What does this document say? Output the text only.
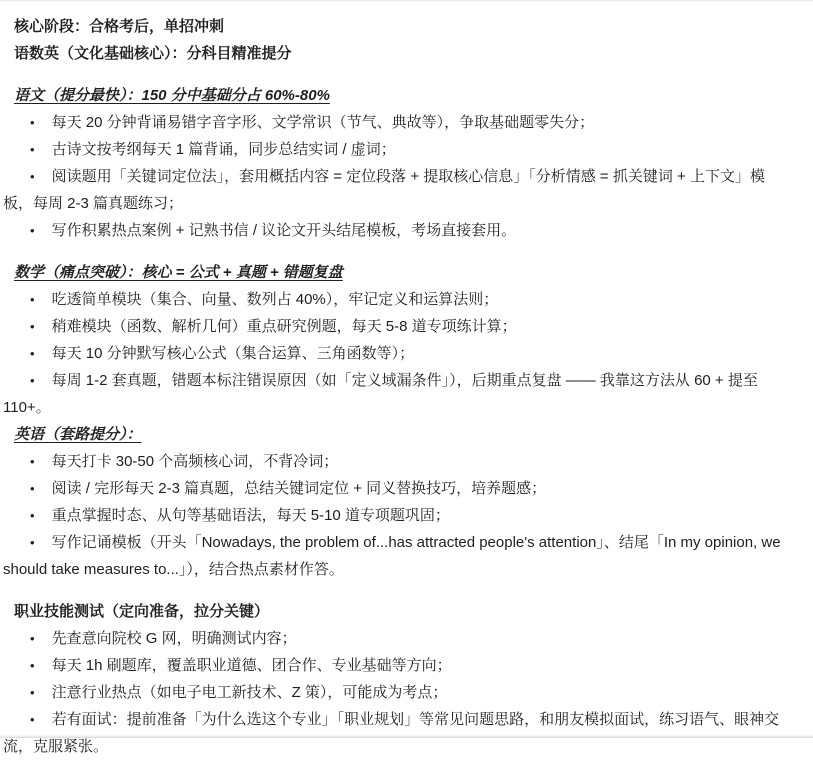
核心阶段：合格考后，单招冲刺

语数英（文化基础核心）：分科目精准提分

语文（提分最快）：150 分中基础分占 60%-80%

• 每天 20 分钟背诵易错字音字形、文学常识（节气、典故等），争取基础题零失分；

• 古诗文按考纲每天 1 篇背诵，同步总结实词 / 虚词；

• 阅读题用「关键词定位法」，套用概括内容 = 定位段落 + 提取核心信息」「分析情感 = 抓关键词 + 上下文」模板，每周 2-3 篇真题练习；

• 写作积累热点案例 + 记熟书信 / 议论文开头结尾模板，考场直接套用。

数学（痛点突破）：核心 = 公式 + 真题 + 错题复盘

• 吃透简单模块（集合、向量、数列占 40%），牢记定义和运算法则；

• 稍难模块（函数、解析几何）重点研究例题，每天 5-8 道专项练计算；

• 每天 10 分钟默写核心公式（集合运算、三角函数等）；

• 每周 1-2 套真题，错题本标注错误原因（如「定义域漏条件」），后期重点复盘 —— 我靠这方法从 60 + 提至 110+。

英语（套路提分）：

• 每天打卡 30-50 个高频核心词，不背冷词；

• 阅读 / 完形每天 2-3 篇真题，总结关键词定位 + 同义替换技巧，培养题感；

• 重点掌握时态、从句等基础语法，每天 5-10 道专项题巩固；

• 写作记诵模板（开头「Nowadays, the problem of...has attracted people's attention」、结尾「In my opinion, we should take measures to...」），结合热点素材作答。

职业技能测试（定向准备，拉分关键）

• 先查意向院校 G 网，明确测试内容；

• 每天 1h 刷题库，覆盖职业道德、团合作、专业基础等方向；

• 注意行业热点（如电子电工新技术、Z 策），可能成为考点；

• 若有面试：提前准备「为什么选这个专业」「职业规划」等常见问题思路，和朋友模拟面试，练习语气、眼神交流，克服紧张。
